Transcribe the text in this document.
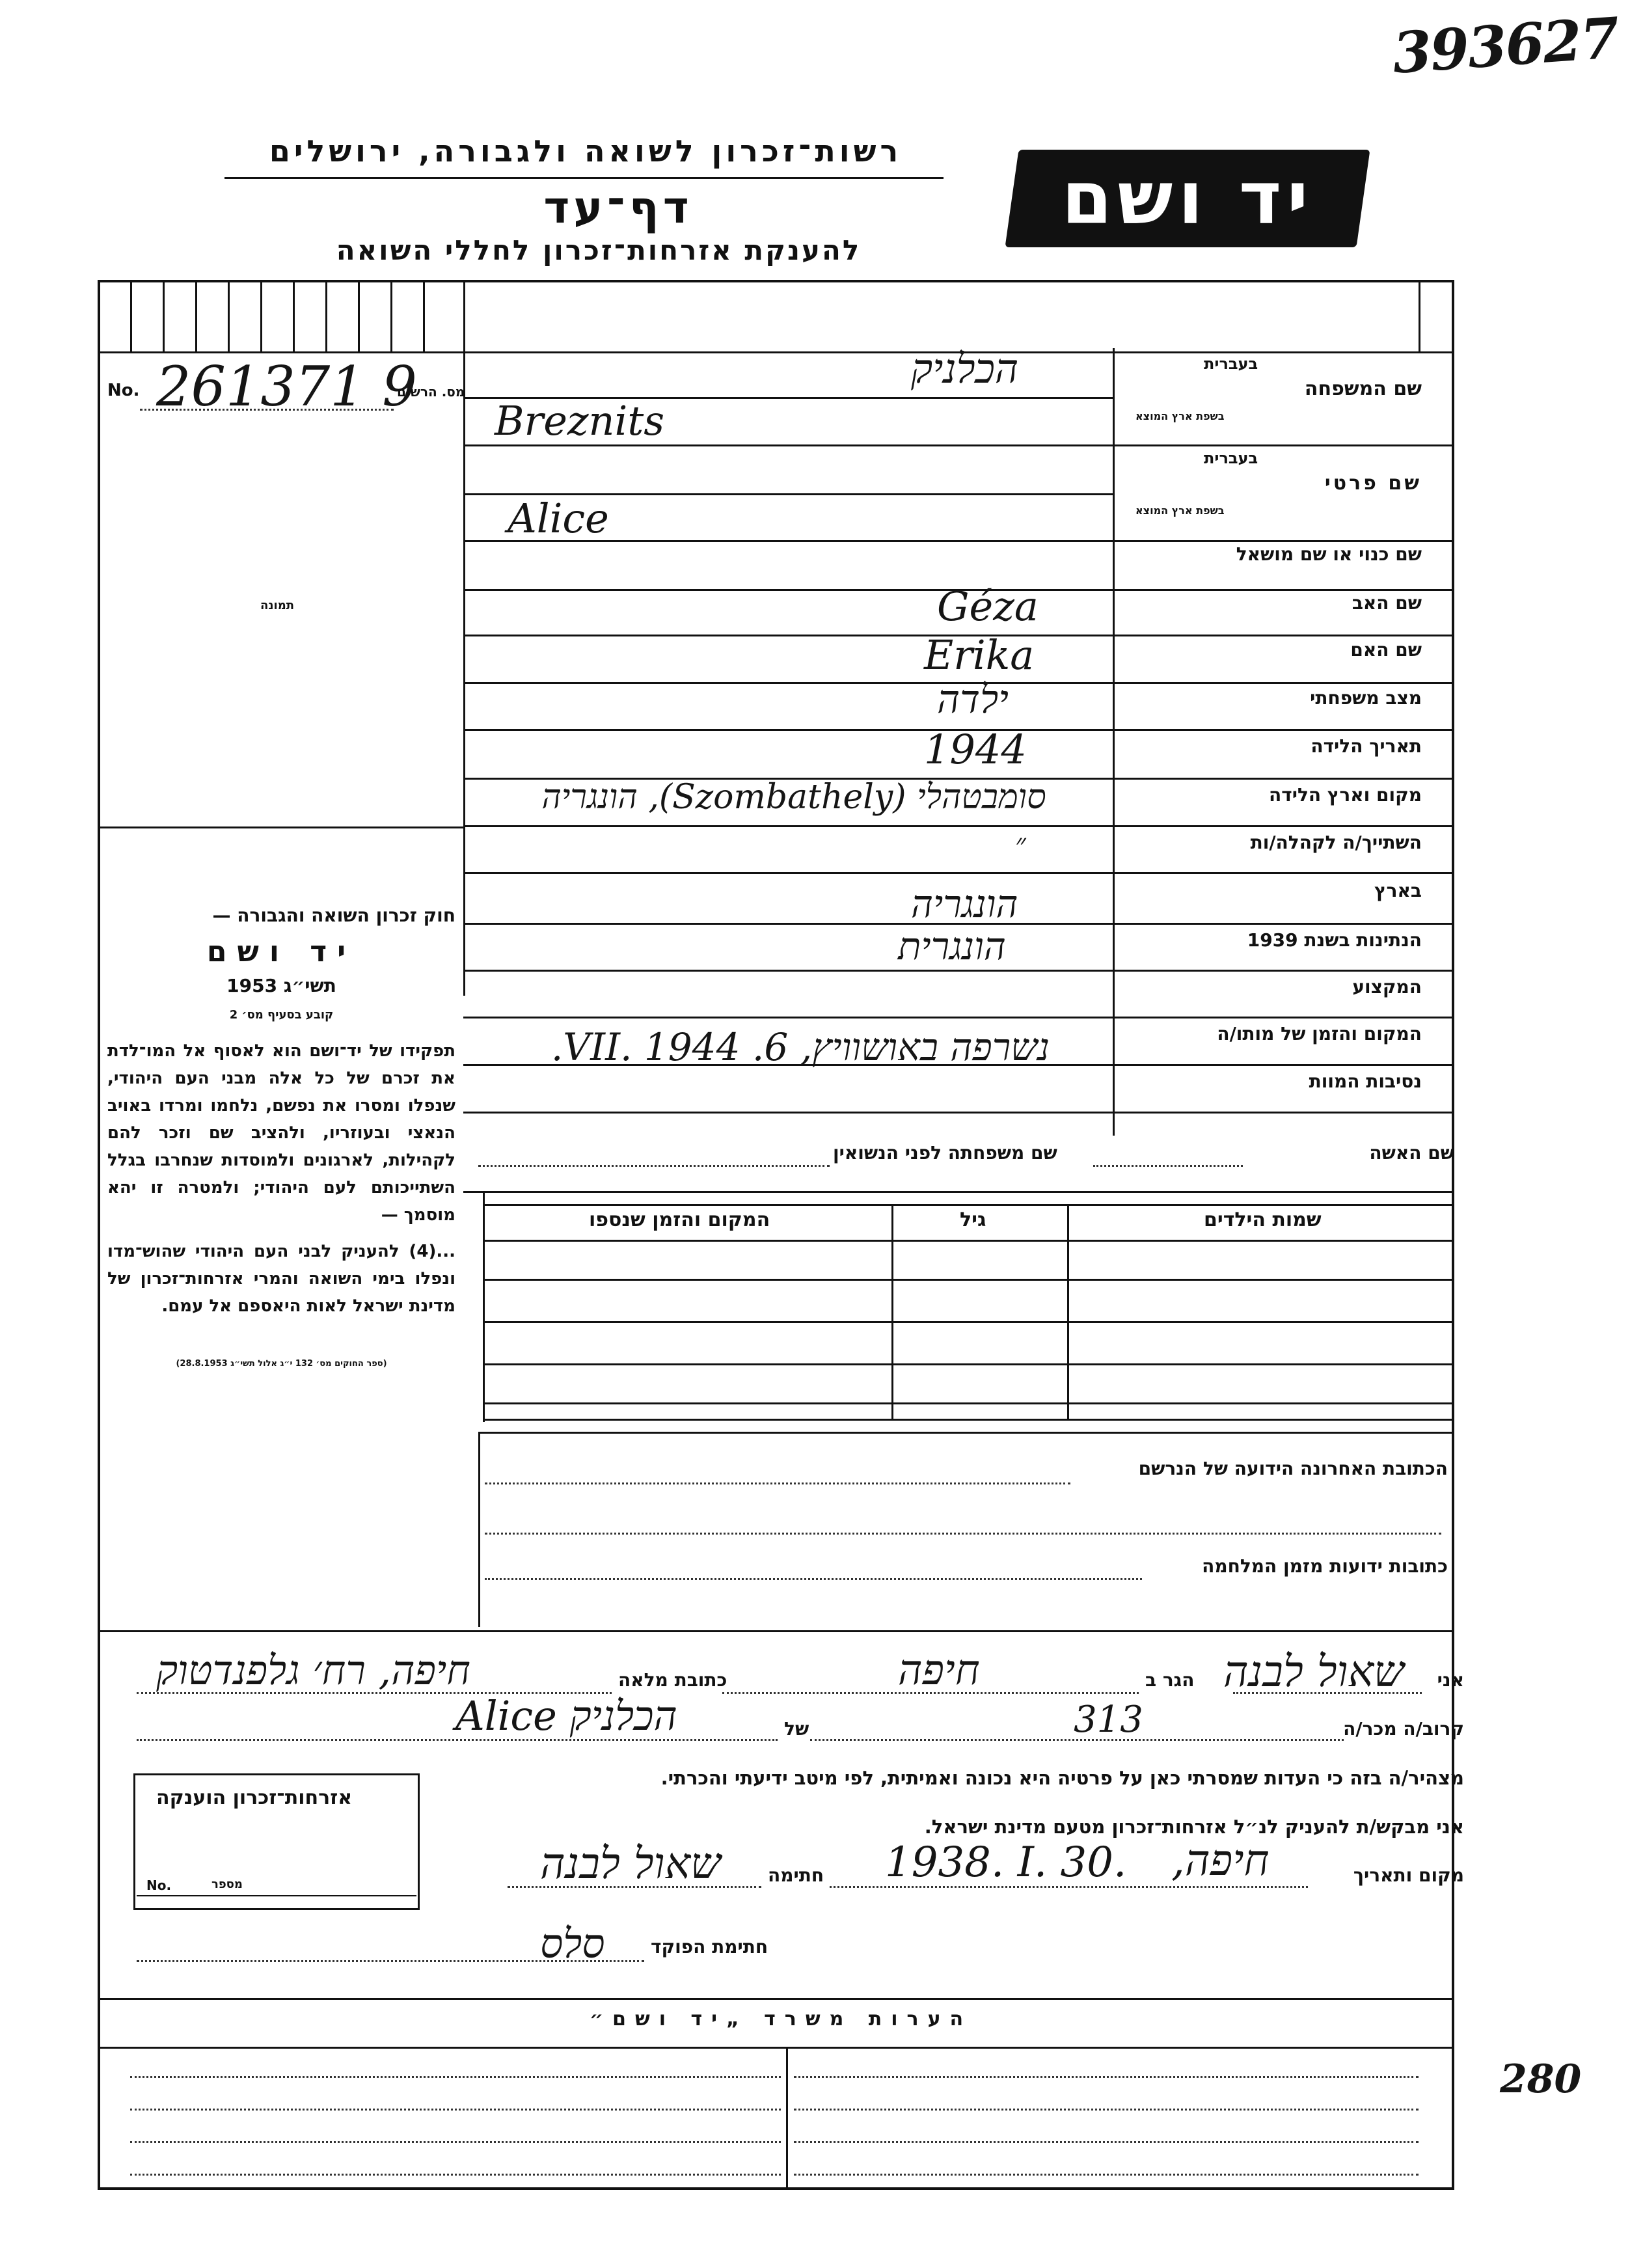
393627
רשות־זכרון לשואה ולגבורה, ירושלים
דף־עד
להענקת אזרחות־זכרון לחללי השואה
יד ושם
No. 261371 9
מס. הרשום
תמונה
חוק זכרון השואה והגבורה —
יד ושם
תשי״ג 1953
קובע בסעיף מס׳ 2
תפקידו של יד־ושם הוא לאסוף אל המו־לדת את זכרם של כל אלה מבני העם היהודי, שנפלו ומסרו את נפשם, נלחמו ומרדו באויב הנאצי ובעוזריו, ולהציב שם וזכר להם לקהילות, לארגונים ולמוסדות שנחרבו בגלל השתייכותם לעם היהודי; ולמטרה זו יהא מוסמך —
...(4) להעניק לבני העם היהודי שהוש־מדו ונפלו בימי השואה והמרי אזרחות־זכרון של מדינת ישראל לאות היאספם אל עמם.
(ספר החוקים מס׳ 132 י״ג אלול תשי״ג 28.8.1953)
בעברית
שם המשפחה
בשפת ארץ המוצא
הכלניק
Breznits
בעברית
שם פרטי
בשפת ארץ המוצא
Alice
שם כנוי או שם מושאל
שם האב
Géza
שם האם
Erika
מצב משפחתי
ילדה
תאריך הלידה
1944
מקום וארץ הלידה
סומבטהלי (Szombathely), הונגריה
השתייך/ה לקהלה/ות
״
בארץ
הונגריה
הנתינות בשנת 1939
הונגרית
המקצוע
המקום והזמן של מותו/ה
נשרפה באושוויץ, 6. VII. 1944.
נסיבות המוות
שם האשה
שם משפחתה לפני הנשואין
שמות הילדים
גיל
המקום והזמן שנספו
הכתובת האחרונה הידועה של הנרשם
כתובות ידועות מזמן המלחמה
אני
שאול לבנה
הגר ב
חיפה
כתובת מלאה
חיפה, רח׳ גלפנדטוק
קרוב/ה מכר/ה
313
של
הכלניק Alice
מצהיר/ה בזה כי העדות שמסרתי כאן על פרטיה היא נכונה ואמיתית, לפי מיטב ידיעתי והכרתי.
אזרחות־זכרון הוענקה
No.	מספר
אני מבקש/ת להעניק לנ״ל אזרחות־זכרון מטעם מדינת ישראל.
מקום ותאריך
חיפה,
1938. I. 30.
חתימה
שאול לבנה
חתימת הפוקד
סלס
הערות משרד „יד ושם״
280
